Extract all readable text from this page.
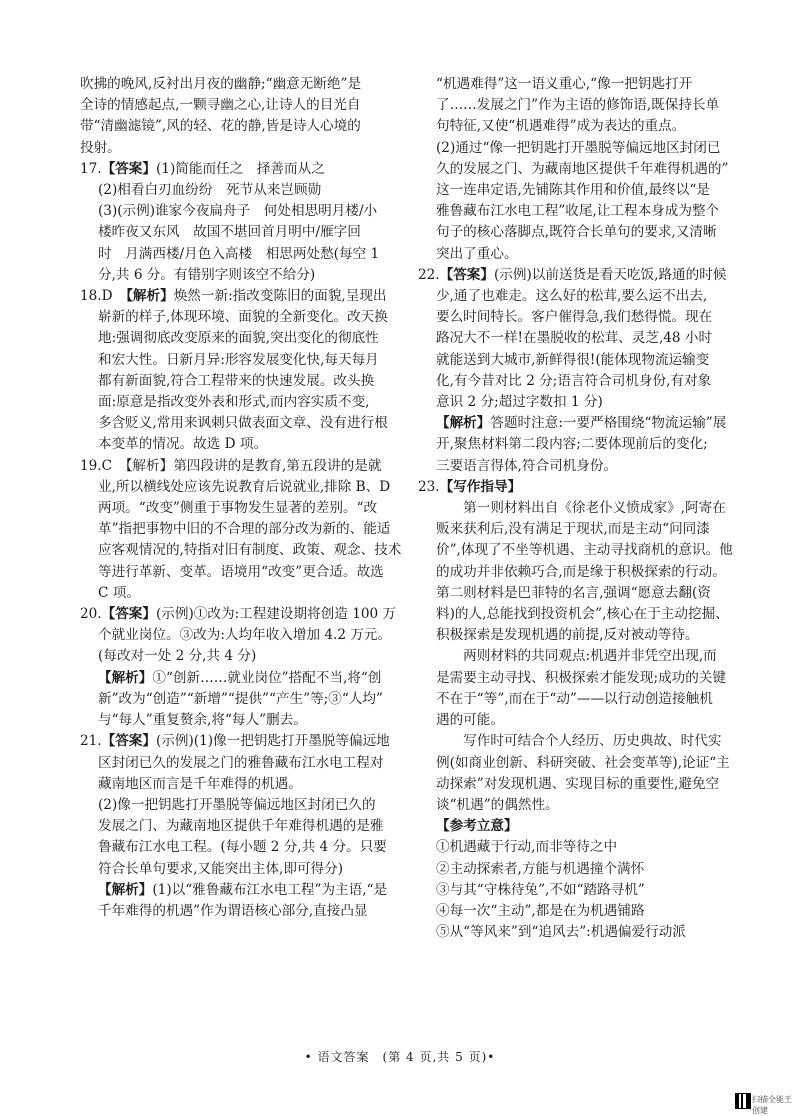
吹拂的晚风,反衬出月夜的幽静;“幽意无断绝”是
全诗的情感起点,一颗寻幽之心,让诗人的目光自
带“清幽滤镜”,风的轻、花的静,皆是诗人心境的
投射。

17.【答案】(1)简能而任之　择善而从之
(2)相看白刃血纷纷　死节从来岂顾勋
(3)(示例)谁家今夜扁舟子　何处相思明月楼/小
楼昨夜又东风　故国不堪回首月明中/雁字回
时　月满西楼/月色入高楼　相思两处愁(每空 1
分,共 6 分。有错别字则该空不给分)

18.D　【解析】焕然一新:指改变陈旧的面貌,呈现出
崭新的样子,体现环境、面貌的全新变化。改天换
地:强调彻底改变原来的面貌,突出变化的彻底性
和宏大性。日新月异:形容发展变化快,每天每月
都有新面貌,符合工程带来的快速发展。改头换
面:原意是指改变外表和形式,而内容实质不变,
多含贬义,常用来讽刺只做表面文章、没有进行根
本变革的情况。故选 D 项。

19.C　【解析】第四段讲的是教育,第五段讲的是就
业,所以横线处应该先说教育后说就业,排除 B、D
两项。“改变”侧重于事物发生显著的差别。“改
革”指把事物中旧的不合理的部分改为新的、能适
应客观情况的,特指对旧有制度、政策、观念、技术
等进行革新、变革。语境用“改变”更合适。故选
C 项。

20.【答案】(示例)①改为:工程建设期将创造 100 万
个就业岗位。③改为:人均年收入增加 4.2 万元。
(每改对一处 2 分,共 4 分)

【解析】①“创新……就业岗位”搭配不当,将“创
新”改为“创造”“新增”“提供”“产生”等;③“人均”
与“每人”重复赘余,将“每人”删去。

21.【答案】(示例)(1)像一把钥匙打开墨脱等偏远地
区封闭已久的发展之门的雅鲁藏布江水电工程对
藏南地区而言是千年难得的机遇。
(2)像一把钥匙打开墨脱等偏远地区封闭已久的
发展之门、为藏南地区提供千年难得机遇的是雅
鲁藏布江水电工程。(每小题 2 分,共 4 分。只要
符合长单句要求,又能突出主体,即可得分)

【解析】(1)以“雅鲁藏布江水电工程”为主语,“是
千年难得的机遇”作为谓语核心部分,直接凸显

“机遇难得”这一语义重心,“像一把钥匙打开
了……发展之门”作为主语的修饰语,既保持长单
句特征,又使“机遇难得”成为表达的重点。
(2)通过“像一把钥匙打开墨脱等偏远地区封闭已
久的发展之门、为藏南地区提供千年难得机遇的”
这一连串定语,先铺陈其作用和价值,最终以“是
雅鲁藏布江水电工程”收尾,让工程本身成为整个
句子的核心落脚点,既符合长单句的要求,又清晰
突出了重心。

22.【答案】(示例)以前送货是看天吃饭,路通的时候
少,通了也难走。这么好的松茸,要么运不出去,
要么时间特长。客户催得急,我们愁得慌。现在
路况大不一样!在墨脱收的松茸、灵芝,48 小时
就能送到大城市,新鲜得很!(能体现物流运输变
化,有今昔对比 2 分;语言符合司机身份,有对象
意识 2 分;超过字数扣 1 分)

【解析】答题时注意:一要严格围绕“物流运输”展
开,聚焦材料第二段内容;二要体现前后的变化;
三要语言得体,符合司机身份。

23.【写作指导】

　　第一则材料出自《徐老仆义愤成家》,阿寄在
贩来获利后,没有满足于现状,而是主动“问同漆
价”,体现了不坐等机遇、主动寻找商机的意识。他
的成功并非依赖巧合,而是缘于积极探索的行动。
第二则材料是巴菲特的名言,强调“愿意去翻(资
料)的人,总能找到投资机会”,核心在于主动挖掘、
积极探索是发现机遇的前提,反对被动等待。

　　两则材料的共同观点:机遇并非凭空出现,而
是需要主动寻找、积极探索才能发现;成功的关键
不在于“等”,而在于“动”——以行动创造接触机
遇的可能。

　　写作时可结合个人经历、历史典故、时代实
例(如商业创新、科研突破、社会变革等),论证“主
动探索”对发现机遇、实现目标的重要性,避免空
谈“机遇”的偶然性。

【参考立意】

①机遇藏于行动,而非等待之中
②主动探索者,方能与机遇撞个满怀
③与其“守株待兔”,不如“踏路寻机”
④每一次“主动”,都是在为机遇铺路
⑤从“等风来”到“追风去”:机遇偏爱行动派

• 语文答案　(第 4 页,共 5 页)•
扫描全能王 创建
